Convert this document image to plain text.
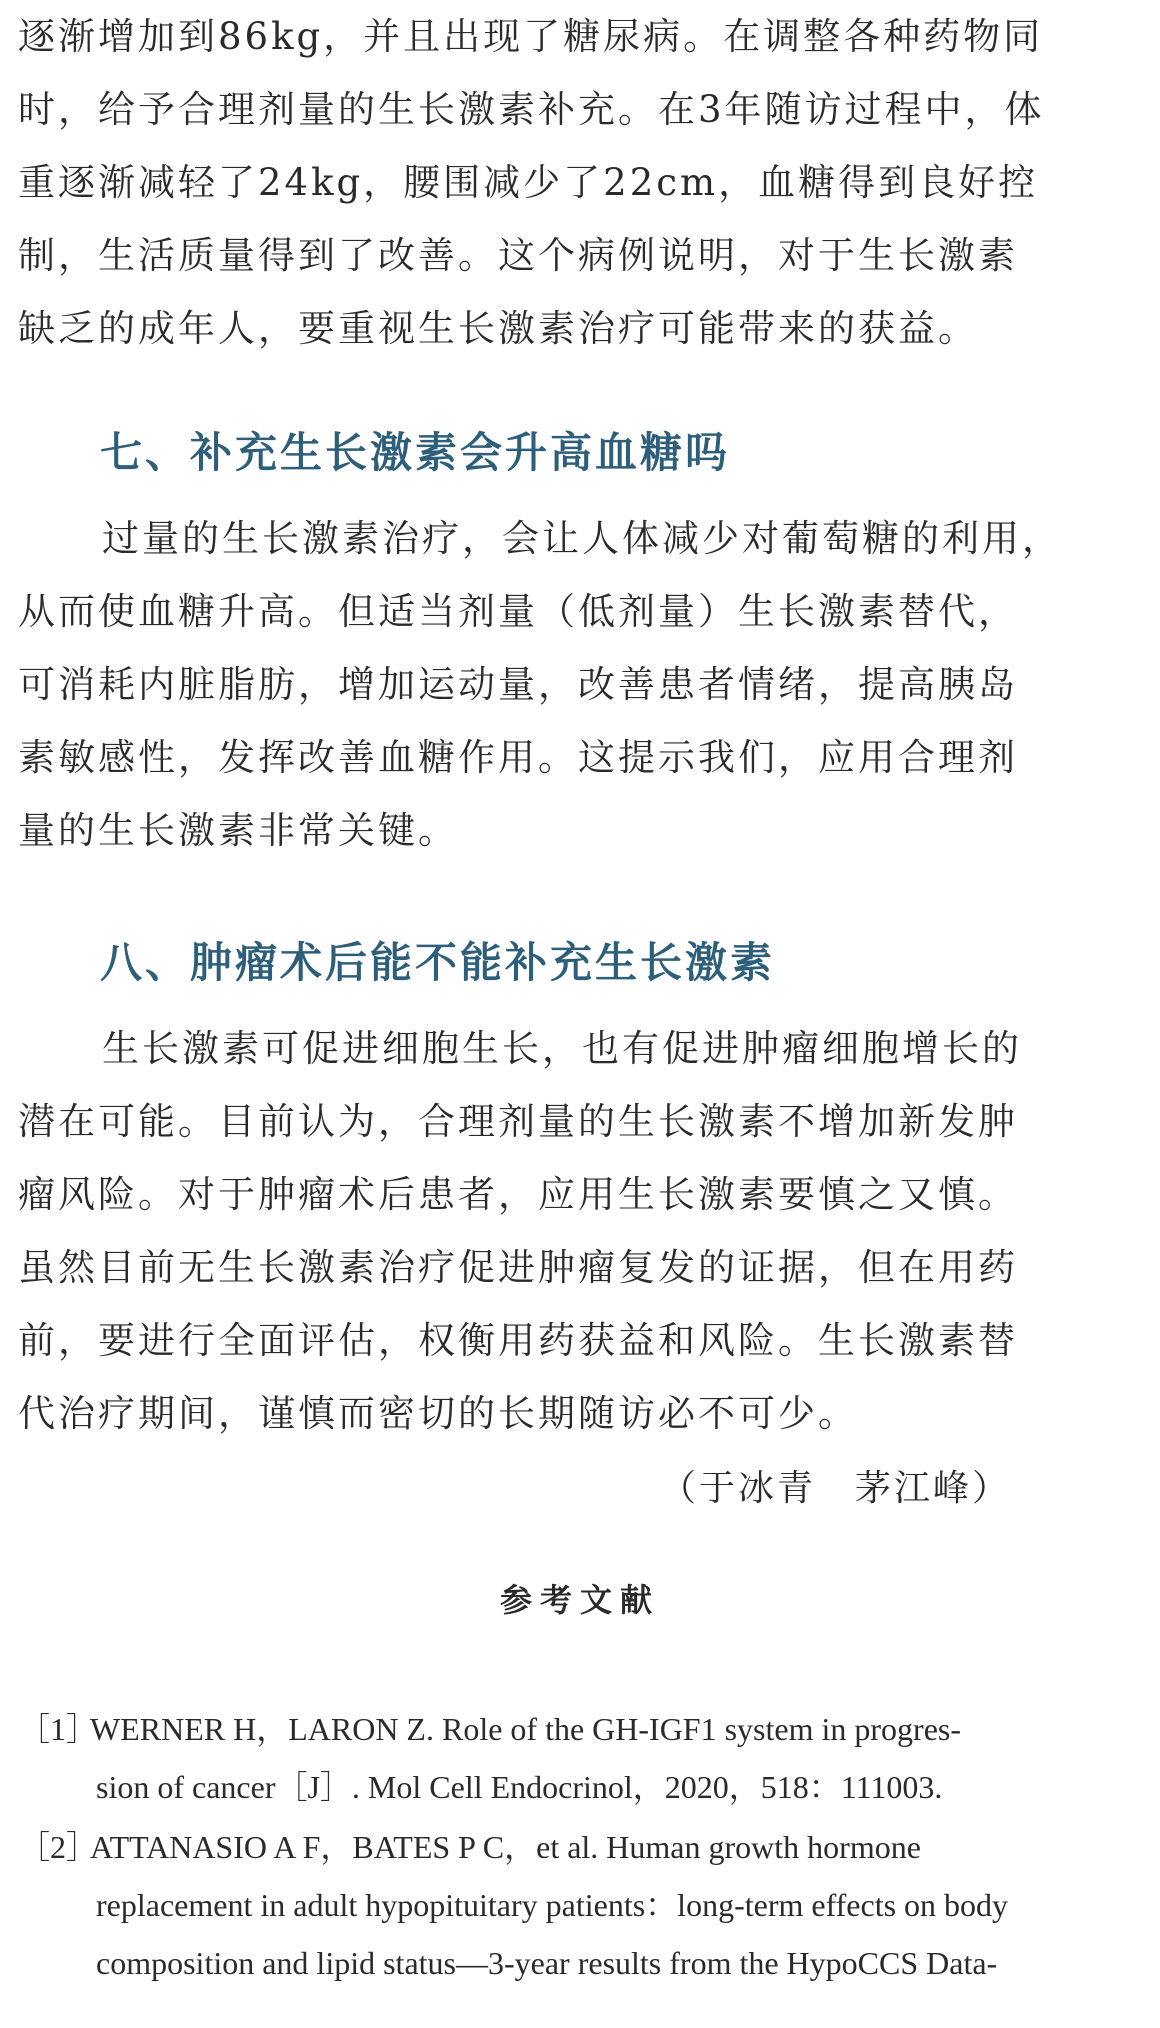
逐渐增加到86kg，并且出现了糖尿病。在调整各种药物同
时，给予合理剂量的生长激素补充。在3年随访过程中，体
重逐渐减轻了24kg，腰围减少了22cm，血糖得到良好控
制，生活质量得到了改善。这个病例说明，对于生长激素
缺乏的成年人，要重视生长激素治疗可能带来的获益。

七、补充生长激素会升高血糖吗

过量的生长激素治疗，会让人体减少对葡萄糖的利用，
从而使血糖升高。但适当剂量（低剂量）生长激素替代，
可消耗内脏脂肪，增加运动量，改善患者情绪，提高胰岛
素敏感性，发挥改善血糖作用。这提示我们，应用合理剂
量的生长激素非常关键。

八、肿瘤术后能不能补充生长激素

生长激素可促进细胞生长，也有促进肿瘤细胞增长的
潜在可能。目前认为，合理剂量的生长激素不增加新发肿
瘤风险。对于肿瘤术后患者，应用生长激素要慎之又慎。
虽然目前无生长激素治疗促进肿瘤复发的证据，但在用药
前，要进行全面评估，权衡用药获益和风险。生长激素替
代治疗期间，谨慎而密切的长期随访必不可少。

（于冰青　茅江峰）

参考文献

［1］WERNER H，LARON Z. Role of the GH-IGF1 system in progres-
sion of cancer［J］. Mol Cell Endocrinol，2020，518：111003.
［2］ATTANASIO A F，BATES P C，et al. Human growth hormone
replacement in adult hypopituitary patients：long-term effects on body
composition and lipid status—3-year results from the HypoCCS Data-
